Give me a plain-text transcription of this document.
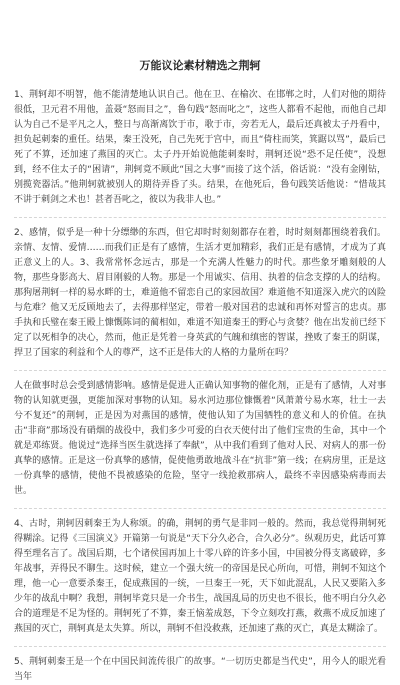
万能议论素材精选之荆轲

1、荆轲却不明智，他不能清楚地认识自己。他在卫、在榆次、在邯郸之时，人们对他的期待很低，卫元君不用他，盖聂“怒而目之”，鲁句践“怒而叱之”，这些人都看不起他，而他自己却认为自己不是平凡之人，整日与高渐离饮于市，歌于市，旁若无人，最后还真被太子丹看中，担负起刺秦的重任。结果，秦王没死，自己先死于宫中，而且“倚柱而笑，箕踞以骂”，最后已死了不算，还加速了燕国的灭亡。太子丹开始说他能刺秦时，荆轲还说“恐不足任使”，没想到，经不住太子的“困请”，荆轲竟不顾此“国之大事”而接了这个活，俗话说：“没有金刚钻，别揽瓷器活。”他荆轲就被别人的期待弄昏了头。结果，在他死后，鲁句践笑话他说：“惜哉其不讲于刺剑之术也！甚者吾叱之，彼以为我非人也。”

2、感情，似乎是一种十分缥缈的东西，但它却时时刻刻都存在着，时时刻刻都围绕着我们。亲情、友情、爱情……而我们正是有了感情，生活才更加精彩，我们正是有感情，才成为了真正意义上的人。3、我常常怀念远古，那是一个充满人性魅力的时代。那些象牙雕刻般的人物，那些身影高大、眉目刚毅的人物。那是一个用诚实、信用、执着的信念支撑的人的结构。那狗屠荆轲一样的易水畔的士，难道他不留恋自己的家园故国？难道他不知道深入虎穴的凶险与危难？他又无反顾地去了，去得那样坚定，带着一般对国君的忠诚和再怀对誓言的忠贞。那手执和氏璧在秦王殿上慷慨陈词的蔺相如，难道不知道秦王的野心与贪婪？他在出发前已经下定了以死相争的决心，然而，他正是凭着一身英武的气魄和缜密的智谋，挫败了秦王的阴谋，捍卫了国家的利益和个人的尊严，这不正是伟大的人格的力量所在吗？

人在做事时总会受到感情影响。感情是促进人正确认知事物的催化剂，正是有了感情，人对事物的认知就更强，更能加深对事物的认知。易水河边那位慷慨着“风萧萧兮易水寒，壮士一去兮不复还”的荆轲，正是因为对燕国的感情，使他认知了为国牺牲的意义和人的价值。在执击“非商”那场没有硝烟的战役中，我们多少可爱的白衣天使付出了他们宝贵的生命，其中一个就是邓练贤。他说过“选择当医生就选择了奉献”，从中我们看到了他对人民、对病人的那一份真挚的感情。正是这一份真挚的感情，促使他勇敢地战斗在“抗非”第一线；在病房里，正是这一份真挚的感情，使他不畏被感染的危险，坚守一线抢救那病人，最终不幸因感染病毒而去世。

4、古时，荆轲因刺秦王为人称颂。的确，荆轲的勇气是非同一般的。然而，我总觉得荆轲死得糊涂。记得《三国演义》开篇第一句说是“天下分久必合，合久必分”。纵观历史，此话可算得至理名言了。战国后期，七个诸侯国再加上十零八碎的许多小国，中国被分得支离破碎，多年战事，弄得民不聊生。这时候，建立一个强大统一的帝国是民心所向，可惜，荆轲不知这个理，他一心一意要杀秦王，促成燕国的一统，一旦秦王一死，天下如此混乱，人民又要陷入多少年的战乱中啊？我想，荆轲毕竟只是一介书生，战国乱局的历史也不很长，他不明白分久必合的道理是不足为怪的。荆轲死了不算，秦王恼羞成怒，下令立刻攻打燕，救燕不成反加速了燕国的灭亡，荆轲真是太失算。所以，荆轲不但没救燕，还加速了燕的灭亡，真是太糊涂了。

5、荆轲刺秦王是一个在中国民间流传很广的故事。“一切历史都是当代史”，用今人的眼光看当年
